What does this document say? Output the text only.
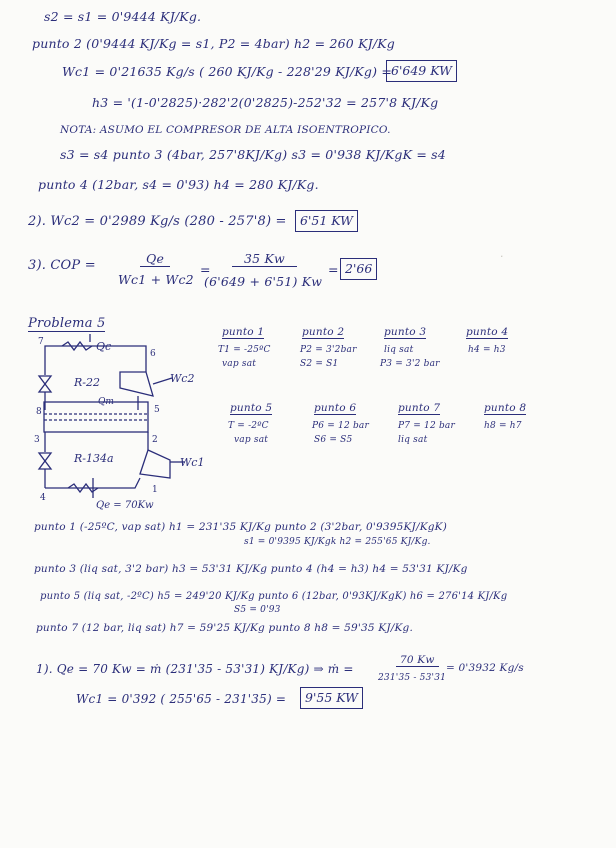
·
s2 = s1 = 0'9444 KJ/Kg.
punto 2 (0'9444 KJ/Kg = s1, P2 = 4bar) h2 = 260 KJ/Kg
Wc1 = 0'21635 Kg/s ( 260 KJ/Kg - 228'29 KJ/Kg) =
6'649 KW
h3 = '(1-0'2825)·282'2(0'2825)-252'32 = 257'8 KJ/Kg
NOTA: ASUMO EL COMPRESOR DE ALTA ISOENTROPICO.
s3 = s4 punto 3 (4bar, 257'8KJ/Kg) s3 = 0'938 KJ/KgK = s4
punto 4 (12bar, s4 = 0'93) h4 = 280 KJ/Kg.
2). Wc2 = 0'2989 Kg/s (280 - 257'8) =	6'51 KW
3). COP =	Qe
Wc1 + Wc2
=
35 Kw
(6'649 + 6'51) Kw
= 2'66
Problema 5
Qc
R-22	Wc2
Qm
R-134a	Wc1
Qe = 70Kw
7
6
8	5
3	2
4
1
punto 1
T1 = -25ºC
vap sat
punto 2
P2 = 3'2bar
S2 = S1
punto 3
liq sat
P3 = 3'2 bar
punto 4
h4 = h3
punto 5
T = -2ºC
vap sat
punto 6
P6 = 12 bar
S6 = S5
punto 7
P7 = 12 bar
liq sat
punto 8
h8 = h7
punto 1 (-25ºC, vap sat) h1 = 231'35 KJ/Kg punto 2 (3'2bar, 0'9395KJ/KgK)
s1 = 0'9395 KJ/Kgk h2 = 255'65 KJ/Kg.
punto 3 (liq sat, 3'2 bar) h3 = 53'31 KJ/Kg punto 4 (h4 = h3) h4 = 53'31 KJ/Kg
punto 5 (liq sat, -2ºC) h5 = 249'20 KJ/Kg punto 6 (12bar, 0'93KJ/KgK) h6 = 276'14 KJ/Kg
S5 = 0'93
punto 7 (12 bar, liq sat) h7 = 59'25 KJ/Kg punto 8 h8 = 59'35 KJ/Kg.
1). Qe = 70 Kw = ṁ (231'35 - 53'31) KJ/Kg) ⇒ ṁ =
70 Kw
231'35 - 53'31
= 0'3932 Kg/s
Wc1 = 0'392 ( 255'65 - 231'35) =	9'55 KW
